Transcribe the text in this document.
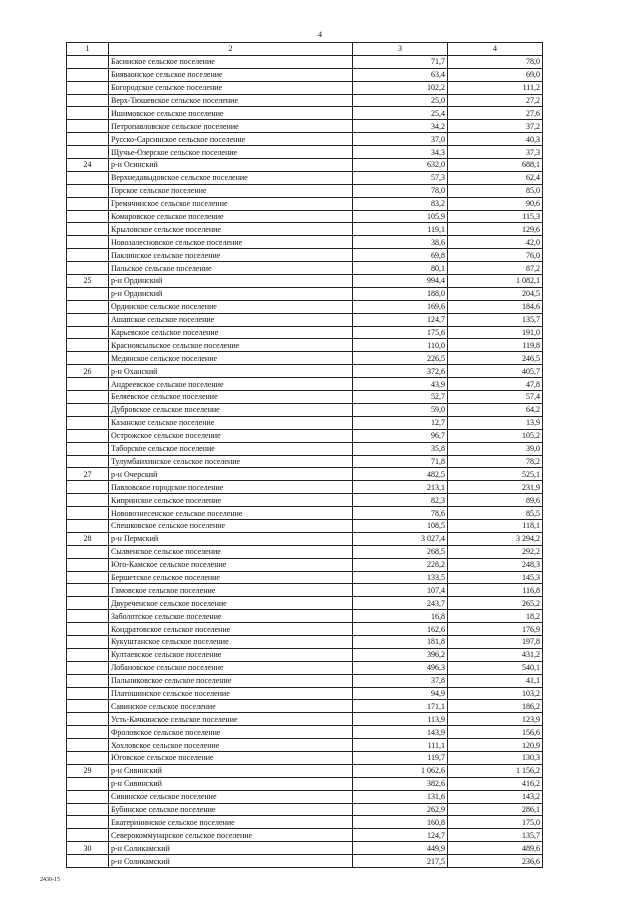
4
1	2	3	4
	Басинское сельское поселение	71,7	78,0
	Бияваонское сельское поселение	63,4	69,0
	Богородское сельское поселение	102,2	111,2
	Верх-Тюшевское сельское поселение	25,0	27,2
	Ишимовское сельское поселение	25,4	27,6
	Петропавловское сельское поселение	34,2	37,2
	Русско-Сарсинское сельское поселение	37,0	40,3
	Щучье-Озерское сельское поселение	34,3	37,3
24	р-н Осинский	632,0	688,1
	Верхнедавыдовское сельское поселение	57,3	62,4
	Горское сельское поселение	78,0	85,0
	Гремячинское сельское поселение	83,2	90,6
	Комаровское сельское поселение	105,9	115,3
	Крыловское сельское поселение	119,1	129,6
	Новозалесновское сельское поселение	38,6	42,0
	Паклинское сельское поселение	69,8	76,0
	Пальское сельское поселение	80,1	87,2
25	р-н Ординский	994,4	1 082,1
	р-н Ординский	188,0	204,5
	Ординское сельское поселение	169,6	184,6
	Ашапское сельское поселение	124,7	135,7
	Карьевское сельское поселение	175,6	191,0
	Красноясыльское сельское поселение	110,0	119,8
	Медянское сельское поселение	226,5	246,5
26	р-н Оханский	372,6	405,7
	Андреевское сельское поселение	43,9	47,8
	Беляевское сельское поселение	52,7	57,4
	Дубровское сельское поселение	59,0	64,2
	Казанское сельское поселение	12,7	13,9
	Острожское сельское поселение	96,7	105,2
	Таборское сельское поселение	35,8	39,0
	Тулумбаихинское сельское поселение	71,8	78,2
27	р-н Очерский	482,5	525,1
	Павловское городское поселение	213,1	231,9
	Кипринское сельское поселение	82,3	89,6
	Нововознесенское сельское поселение	78,6	85,5
	Спешковское сельское поселение	108,5	118,1
28	р-н Пермский	3 027,4	3 294,2
	Сылвенское сельское поселение	268,5	292,2
	Юго-Камское сельское поселение	228,2	248,3
	Бершетское сельское поселение	133,5	145,3
	Гамовское сельское поселение	107,4	116,8
	Двуреченское сельское поселение	243,7	265,2
	Заболотское сельское поселение	16,8	18,2
	Кондратовское сельское поселение	162,6	176,9
	Кукуштанское сельское поселение	181,8	197,8
	Култаевское сельское поселение	396,2	431,2
	Лобановское сельское поселение	496,3	540,1
	Пальниковское сельское поселение	37,8	41,1
	Платошинское сельское поселение	94,9	103,2
	Савинское сельское поселение	171,1	186,2
	Усть-Качкинское сельское поселение	113,9	123,9
	Фроловское сельское поселение	143,9	156,6
	Хохловское сельское поселение	111,1	120,9
	Юговское сельское поселение	119,7	130,3
29	р-н Сивинский	1 062,6	1 156,2
	р-н Сивинский	382,6	416,2
	Сивинское сельское поселение	131,6	143,2
	Бубинское сельское поселение	262,9	286,1
	Екатерининское сельское поселение	160,8	175,0
	Северокоммунарское сельское поселение	124,7	135,7
30	р-н Соликамский	449,9	489,6
	р-н Соликамский	217,5	236,6
2430-15
